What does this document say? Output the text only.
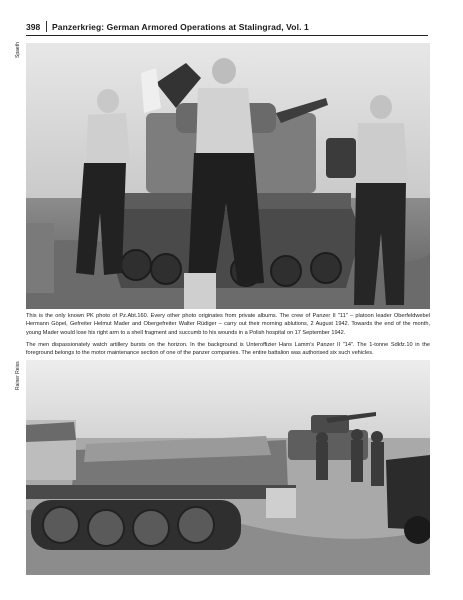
398 Panzerkrieg: German Armored Operations at Stalingrad, Vol. 1
Spaeth

This is the only known PK photo of Pz.Abt.160. Every other photo originates from private albums. The crew of Panzer II "11" – platoon leader Oberfeldwebel Hermann Göpel, Gefreiter Helmut Mader and Obergefreiter Walter Rüdiger – carry out their morning ablutions, 2 August 1942. Towards the end of the month, young Mader would lose his right arm to a shell fragment and succumb to his wounds in a Polish hospital on 17 September 1942.

The men dispassionately watch artillery bursts on the horizon. In the background is Unteroffizier Hans Lamm's Panzer II "14". The 1-tonne Sdkfz.10 in the foreground belongs to the motor maintenance section of one of the panzer companies. The entire battalion was authorised six such vehicles.

Rainer Reiss
